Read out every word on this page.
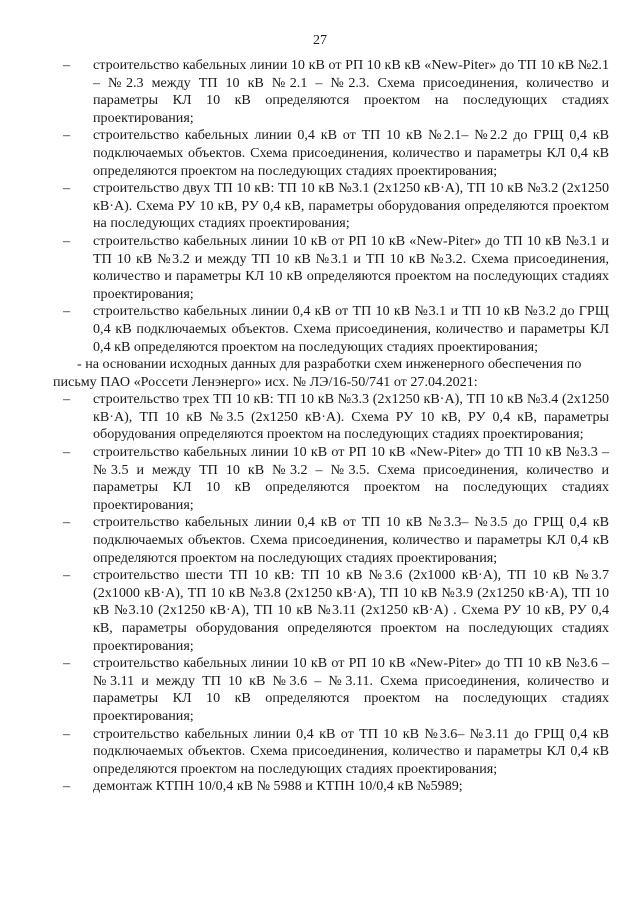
27
– строительство кабельных линии 10 кВ от РП 10 кВ кВ «New-Piter» до ТП 10 кВ №2.1 – №2.3 между ТП 10 кВ №2.1 – №2.3. Схема присоединения, количество и параметры КЛ 10 кВ определяются проектом на последующих стадиях проектирования;
– строительство кабельных линии 0,4 кВ от ТП 10 кВ №2.1– №2.2 до ГРЩ 0,4 кВ подключаемых объектов. Схема присоединения, количество и параметры КЛ 0,4 кВ определяются проектом на последующих стадиях проектирования;
– строительство двух ТП 10 кВ: ТП 10 кВ №3.1 (2х1250 кВ·А), ТП 10 кВ №3.2 (2х1250 кВ·А). Схема РУ 10 кВ, РУ 0,4 кВ, параметры оборудования определяются проектом на последующих стадиях проектирования;
– строительство кабельных линии 10 кВ от РП 10 кВ «New-Piter» до ТП 10 кВ №3.1 и ТП 10 кВ №3.2 и между ТП 10 кВ №3.1 и ТП 10 кВ №3.2. Схема присоединения, количество и параметры КЛ 10 кВ определяются проектом на последующих стадиях проектирования;
– строительство кабельных линии 0,4 кВ от ТП 10 кВ №3.1 и ТП 10 кВ №3.2 до ГРЩ 0,4 кВ подключаемых объектов. Схема присоединения, количество и параметры КЛ 0,4 кВ определяются проектом на последующих стадиях проектирования;
- на основании исходных данных для разработки схем инженерного обеспечения по письму ПАО «Россети Ленэнерго» исх. № ЛЭ/16-50/741 от 27.04.2021:
– строительство трех ТП 10 кВ: ТП 10 кВ №3.3 (2х1250 кВ·А), ТП 10 кВ №3.4 (2х1250 кВ·А), ТП 10 кВ №3.5 (2х1250 кВ·А). Схема РУ 10 кВ, РУ 0,4 кВ, параметры оборудования определяются проектом на последующих стадиях проектирования;
– строительство кабельных линии 10 кВ от РП 10 кВ «New-Piter» до ТП 10 кВ №3.3 – №3.5 и между ТП 10 кВ №3.2 – №3.5. Схема присоединения, количество и параметры КЛ 10 кВ определяются проектом на последующих стадиях проектирования;
– строительство кабельных линии 0,4 кВ от ТП 10 кВ №3.3– №3.5 до ГРЩ 0,4 кВ подключаемых объектов. Схема присоединения, количество и параметры КЛ 0,4 кВ определяются проектом на последующих стадиях проектирования;
– строительство шести ТП 10 кВ: ТП 10 кВ №3.6 (2х1000 кВ·А), ТП 10 кВ №3.7 (2х1000 кВ·А), ТП 10 кВ №3.8 (2х1250 кВ·А), ТП 10 кВ №3.9 (2х1250 кВ·А), ТП 10 кВ №3.10 (2х1250 кВ·А), ТП 10 кВ №3.11 (2х1250 кВ·А) . Схема РУ 10 кВ, РУ 0,4 кВ, параметры оборудования определяются проектом на последующих стадиях проектирования;
– строительство кабельных линии 10 кВ от РП 10 кВ «New-Piter» до ТП 10 кВ №3.6 – №3.11 и между ТП 10 кВ №3.6 – №3.11. Схема присоединения, количество и параметры КЛ 10 кВ определяются проектом на последующих стадиях проектирования;
– строительство кабельных линии 0,4 кВ от ТП 10 кВ №3.6– №3.11 до ГРЩ 0,4 кВ подключаемых объектов. Схема присоединения, количество и параметры КЛ 0,4 кВ определяются проектом на последующих стадиях проектирования;
– демонтаж КТПН 10/0,4 кВ № 5988 и КТПН 10/0,4 кВ №5989;
